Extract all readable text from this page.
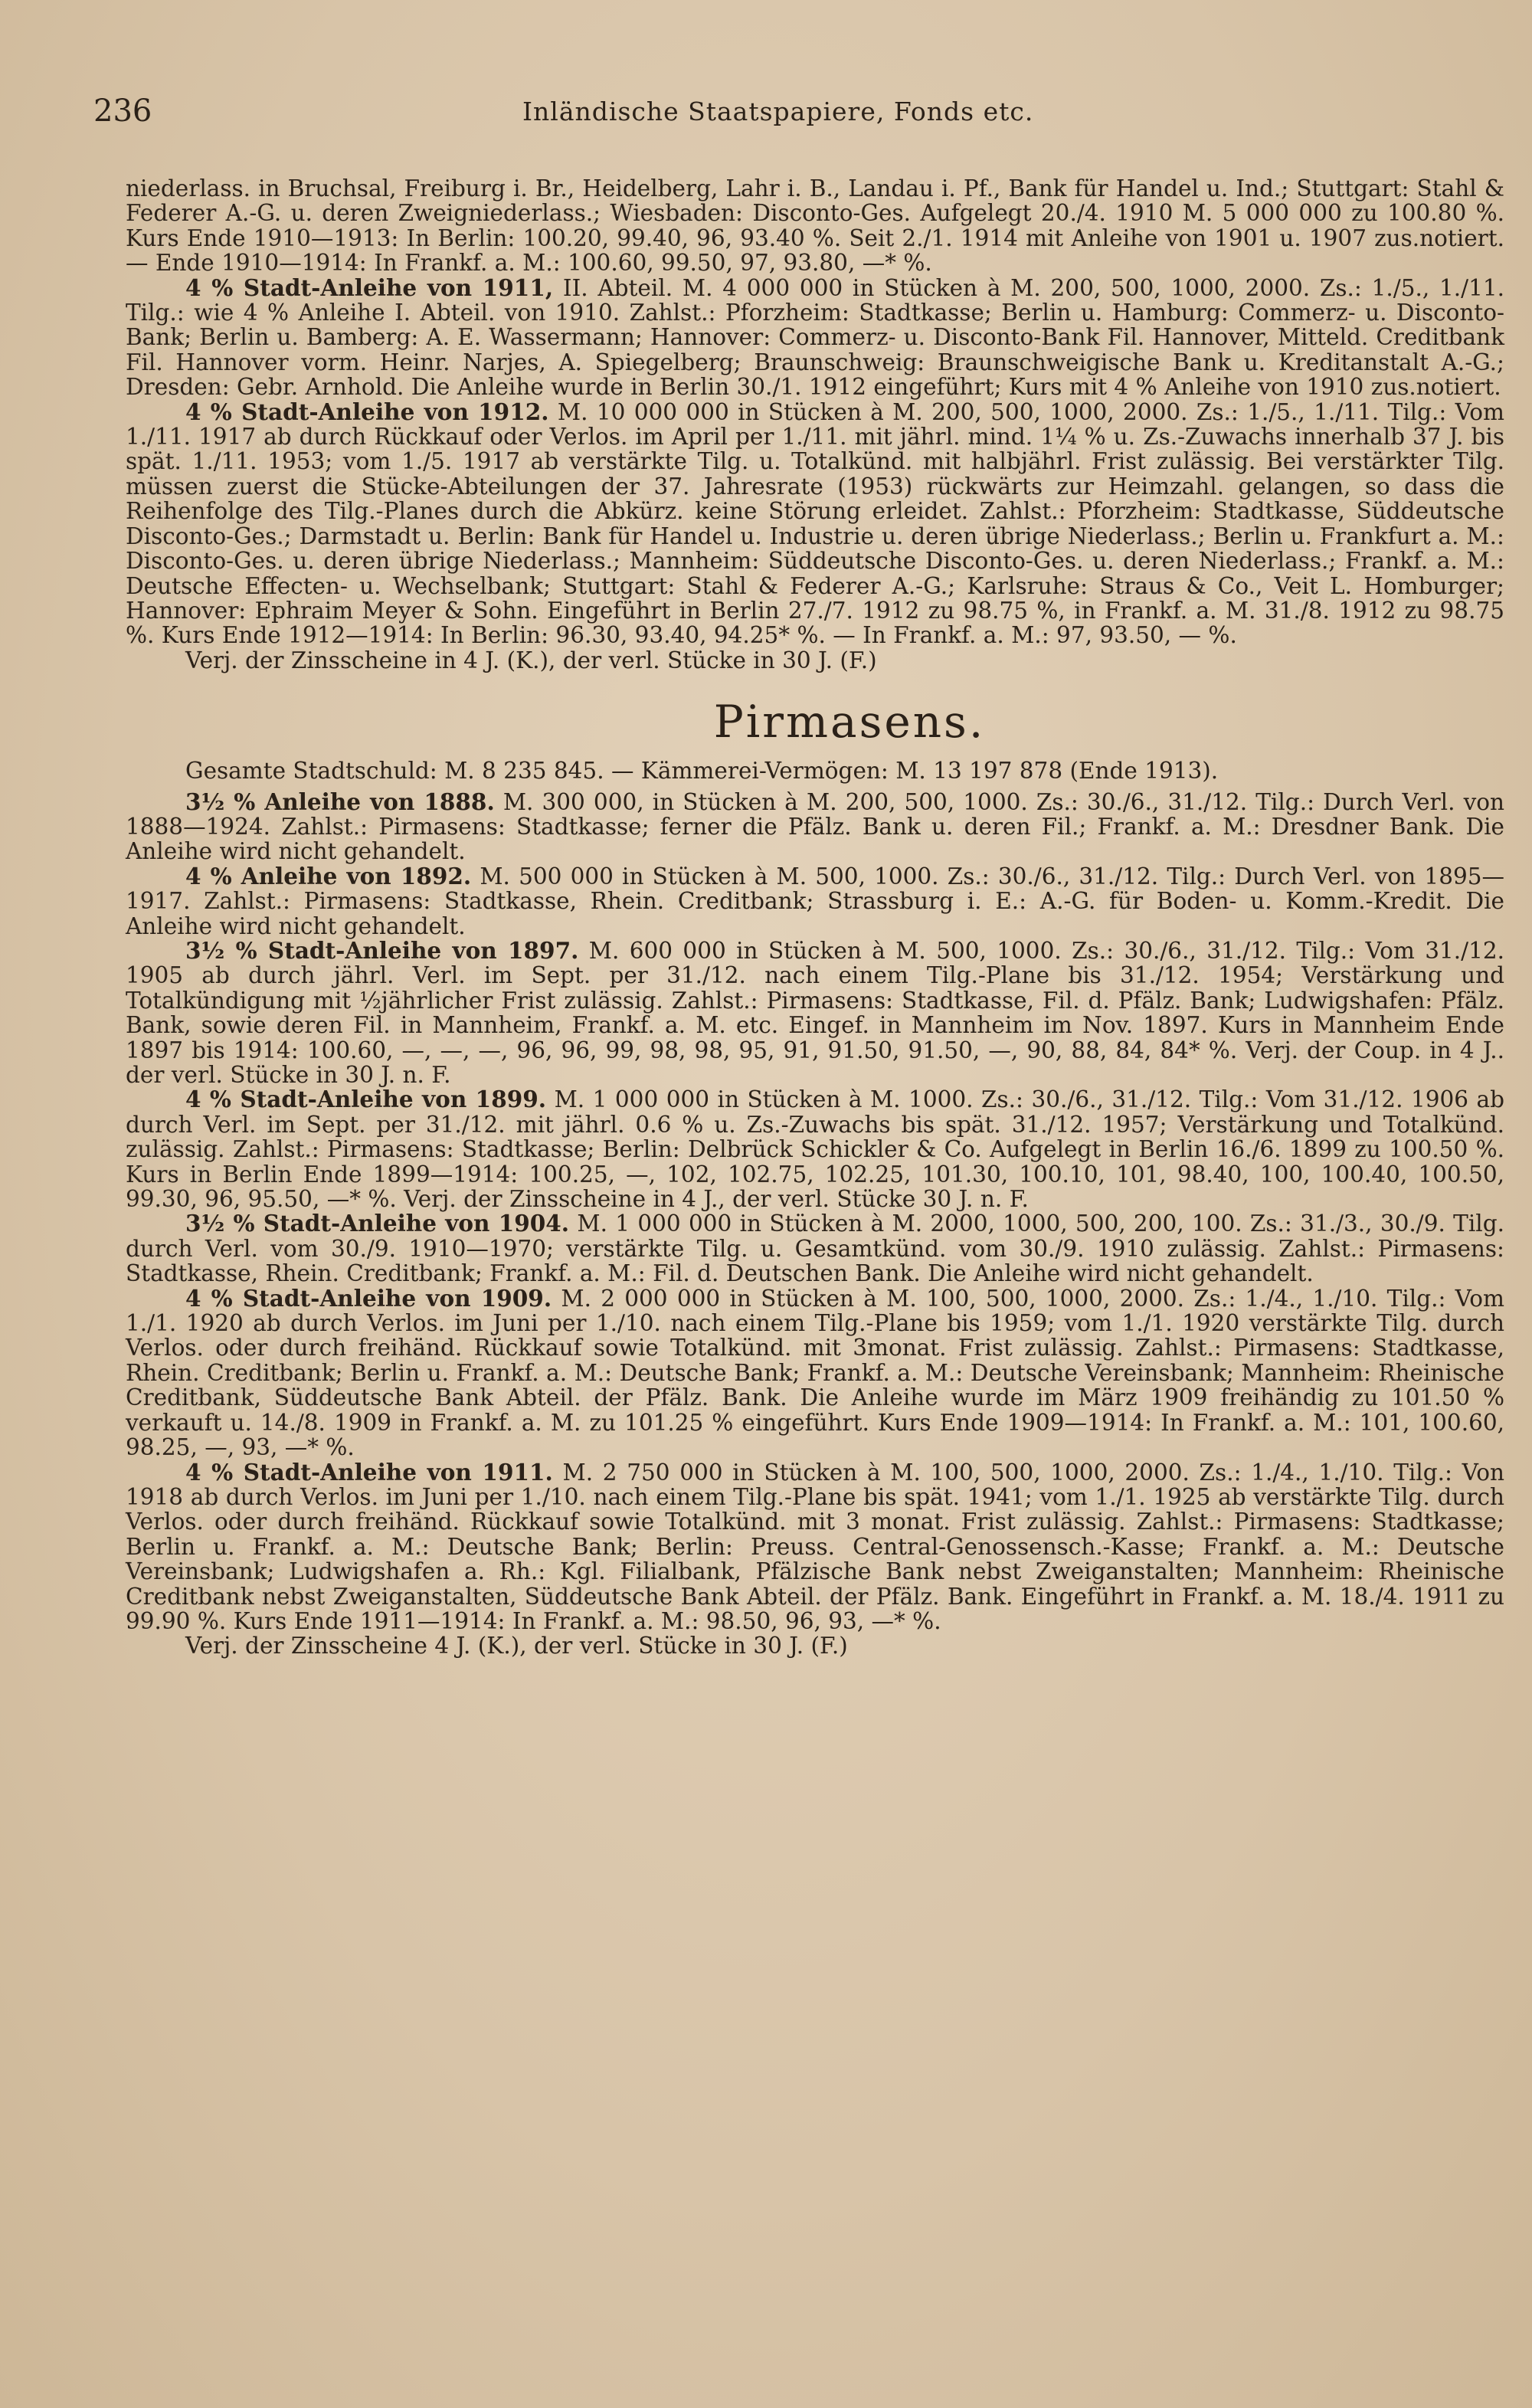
236	Inländische Staatspapiere, Fonds etc.

niederlass. in Bruchsal, Freiburg i. Br., Heidelberg, Lahr i. B., Landau i. Pf., Bank für Handel u. Ind.; Stuttgart: Stahl & Federer A.-G. u. deren Zweigniederlass.; Wiesbaden: Disconto-Ges. Aufgelegt 20./4. 1910 M. 5 000 000 zu 100.80 %. Kurs Ende 1910—1913: In Berlin: 100.20, 99.40, 96, 93.40 %. Seit 2./1. 1914 mit Anleihe von 1901 u. 1907 zus.notiert. — Ende 1910—1914: In Frankf. a. M.: 100.60, 99.50, 97, 93.80, —* %.

4 % Stadt-Anleihe von 1911, II. Abteil. M. 4 000 000 in Stücken à M. 200, 500, 1000, 2000. Zs.: 1./5., 1./11. Tilg.: wie 4 % Anleihe I. Abteil. von 1910. Zahlst.: Pforzheim: Stadtkasse; Berlin u. Hamburg: Commerz- u. Disconto-Bank; Berlin u. Bamberg: A. E. Wassermann; Hannover: Commerz- u. Disconto-Bank Fil. Hannover, Mitteld. Creditbank Fil. Hannover vorm. Heinr. Narjes, A. Spiegelberg; Braunschweig: Braunschweigische Bank u. Kreditanstalt A.-G.; Dresden: Gebr. Arnhold. Die Anleihe wurde in Berlin 30./1. 1912 eingeführt; Kurs mit 4 % Anleihe von 1910 zus.notiert.

4 % Stadt-Anleihe von 1912. M. 10 000 000 in Stücken à M. 200, 500, 1000, 2000. Zs.: 1./5., 1./11. Tilg.: Vom 1./11. 1917 ab durch Rückkauf oder Verlos. im April per 1./11. mit jährl. mind. 1¼ % u. Zs.-Zuwachs innerhalb 37 J. bis spät. 1./11. 1953; vom 1./5. 1917 ab verstärkte Tilg. u. Totalkünd. mit halbjährl. Frist zulässig. Bei verstärkter Tilg. müssen zuerst die Stücke-Abteilungen der 37. Jahresrate (1953) rückwärts zur Heimzahl. gelangen, so dass die Reihenfolge des Tilg.-Planes durch die Abkürz. keine Störung erleidet. Zahlst.: Pforzheim: Stadtkasse, Süddeutsche Disconto-Ges.; Darmstadt u. Berlin: Bank für Handel u. Industrie u. deren übrige Niederlass.; Berlin u. Frankfurt a. M.: Disconto-Ges. u. deren übrige Niederlass.; Mannheim: Süddeutsche Disconto-Ges. u. deren Niederlass.; Frankf. a. M.: Deutsche Effecten- u. Wechselbank; Stuttgart: Stahl & Federer A.-G.; Karlsruhe: Straus & Co., Veit L. Homburger; Hannover: Ephraim Meyer & Sohn. Eingeführt in Berlin 27./7. 1912 zu 98.75 %, in Frankf. a. M. 31./8. 1912 zu 98.75 %. Kurs Ende 1912—1914: In Berlin: 96.30, 93.40, 94.25* %. — In Frankf. a. M.: 97, 93.50, — %.

Verj. der Zinsscheine in 4 J. (K.), der verl. Stücke in 30 J. (F.)

Pirmasens.

Gesamte Stadtschuld: M. 8 235 845. — Kämmerei-Vermögen: M. 13 197 878 (Ende 1913).

3½ % Anleihe von 1888. M. 300 000, in Stücken à M. 200, 500, 1000. Zs.: 30./6., 31./12. Tilg.: Durch Verl. von 1888—1924. Zahlst.: Pirmasens: Stadtkasse; ferner die Pfälz. Bank u. deren Fil.; Frankf. a. M.: Dresdner Bank. Die Anleihe wird nicht gehandelt.

4 % Anleihe von 1892. M. 500 000 in Stücken à M. 500, 1000. Zs.: 30./6., 31./12. Tilg.: Durch Verl. von 1895—1917. Zahlst.: Pirmasens: Stadtkasse, Rhein. Creditbank; Strassburg i. E.: A.-G. für Boden- u. Komm.-Kredit. Die Anleihe wird nicht gehandelt.

3½ % Stadt-Anleihe von 1897. M. 600 000 in Stücken à M. 500, 1000. Zs.: 30./6., 31./12. Tilg.: Vom 31./12. 1905 ab durch jährl. Verl. im Sept. per 31./12. nach einem Tilg.-Plane bis 31./12. 1954; Verstärkung und Totalkündigung mit ½jährlicher Frist zulässig. Zahlst.: Pirmasens: Stadtkasse, Fil. d. Pfälz. Bank; Ludwigshafen: Pfälz. Bank, sowie deren Fil. in Mannheim, Frankf. a. M. etc. Eingef. in Mannheim im Nov. 1897. Kurs in Mannheim Ende 1897 bis 1914: 100.60, —, —, —, 96, 96, 99, 98, 98, 95, 91, 91.50, 91.50, —, 90, 88, 84, 84* %. Verj. der Coup. in 4 J.. der verl. Stücke in 30 J. n. F.

4 % Stadt-Anleihe von 1899. M. 1 000 000 in Stücken à M. 1000. Zs.: 30./6., 31./12. Tilg.: Vom 31./12. 1906 ab durch Verl. im Sept. per 31./12. mit jährl. 0.6 % u. Zs.-Zuwachs bis spät. 31./12. 1957; Verstärkung und Totalkünd. zulässig. Zahlst.: Pirmasens: Stadtkasse; Berlin: Delbrück Schickler & Co. Aufgelegt in Berlin 16./6. 1899 zu 100.50 %. Kurs in Berlin Ende 1899—1914: 100.25, —, 102, 102.75, 102.25, 101.30, 100.10, 101, 98.40, 100, 100.40, 100.50, 99.30, 96, 95.50, —* %. Verj. der Zinsscheine in 4 J., der verl. Stücke 30 J. n. F.

3½ % Stadt-Anleihe von 1904. M. 1 000 000 in Stücken à M. 2000, 1000, 500, 200, 100. Zs.: 31./3., 30./9. Tilg. durch Verl. vom 30./9. 1910—1970; verstärkte Tilg. u. Gesamtkünd. vom 30./9. 1910 zulässig. Zahlst.: Pirmasens: Stadtkasse, Rhein. Creditbank; Frankf. a. M.: Fil. d. Deutschen Bank. Die Anleihe wird nicht gehandelt.

4 % Stadt-Anleihe von 1909. M. 2 000 000 in Stücken à M. 100, 500, 1000, 2000. Zs.: 1./4., 1./10. Tilg.: Vom 1./1. 1920 ab durch Verlos. im Juni per 1./10. nach einem Tilg.-Plane bis 1959; vom 1./1. 1920 verstärkte Tilg. durch Verlos. oder durch freihänd. Rückkauf sowie Totalkünd. mit 3monat. Frist zulässig. Zahlst.: Pirmasens: Stadtkasse, Rhein. Creditbank; Berlin u. Frankf. a. M.: Deutsche Bank; Frankf. a. M.: Deutsche Vereinsbank; Mannheim: Rheinische Creditbank, Süddeutsche Bank Abteil. der Pfälz. Bank. Die Anleihe wurde im März 1909 freihändig zu 101.50 % verkauft u. 14./8. 1909 in Frankf. a. M. zu 101.25 % eingeführt. Kurs Ende 1909—1914: In Frankf. a. M.: 101, 100.60, 98.25, —, 93, —* %.

4 % Stadt-Anleihe von 1911. M. 2 750 000 in Stücken à M. 100, 500, 1000, 2000. Zs.: 1./4., 1./10. Tilg.: Von 1918 ab durch Verlos. im Juni per 1./10. nach einem Tilg.-Plane bis spät. 1941; vom 1./1. 1925 ab verstärkte Tilg. durch Verlos. oder durch freihänd. Rückkauf sowie Totalkünd. mit 3 monat. Frist zulässig. Zahlst.: Pirmasens: Stadtkasse; Berlin u. Frankf. a. M.: Deutsche Bank; Berlin: Preuss. Central-Genossensch.-Kasse; Frankf. a. M.: Deutsche Vereinsbank; Ludwigshafen a. Rh.: Kgl. Filialbank, Pfälzische Bank nebst Zweiganstalten; Mannheim: Rheinische Creditbank nebst Zweiganstalten, Süddeutsche Bank Abteil. der Pfälz. Bank. Eingeführt in Frankf. a. M. 18./4. 1911 zu 99.90 %. Kurs Ende 1911—1914: In Frankf. a. M.: 98.50, 96, 93, —* %.

Verj. der Zinsscheine 4 J. (K.), der verl. Stücke in 30 J. (F.)
